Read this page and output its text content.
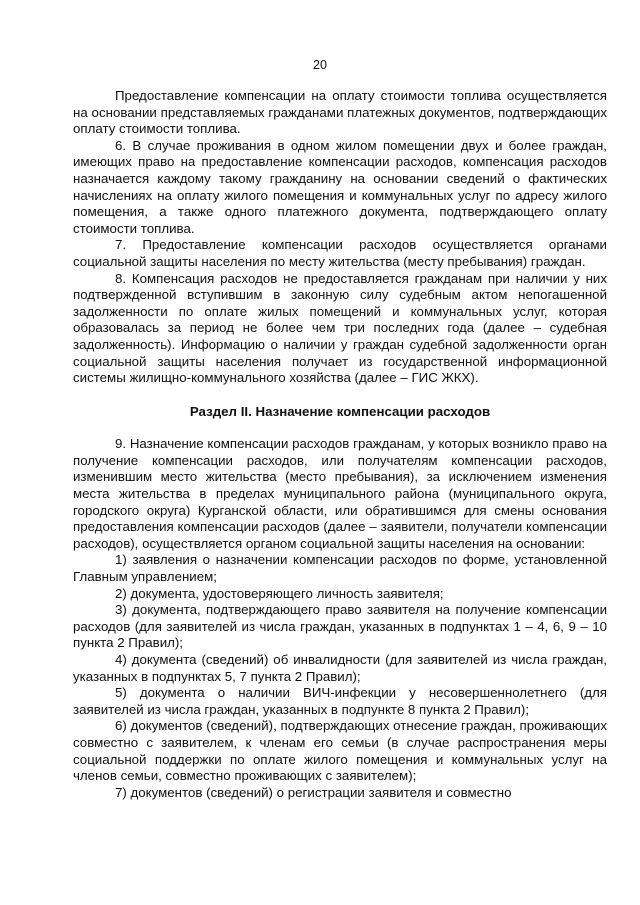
20

Предоставление компенсации на оплату стоимости топлива осуществляется на основании представляемых гражданами платежных документов, подтверждающих оплату стоимости топлива.

6. В случае проживания в одном жилом помещении двух и более граждан, имеющих право на предоставление компенсации расходов, компенсация расходов назначается каждому такому гражданину на основании сведений о фактических начислениях на оплату жилого помещения и коммунальных услуг по адресу жилого помещения, а также одного платежного документа, подтверждающего оплату стоимости топлива.

7. Предоставление компенсации расходов осуществляется органами социальной защиты населения по месту жительства (месту пребывания) граждан.

8. Компенсация расходов не предоставляется гражданам при наличии у них подтвержденной вступившим в законную силу судебным актом непогашенной задолженности по оплате жилых помещений и коммунальных услуг, которая образовалась за период не более чем три последних года (далее – судебная задолженность). Информацию о наличии у граждан судебной задолженности орган социальной защиты населения получает из государственной информационной системы жилищно-коммунального хозяйства (далее – ГИС ЖКХ).

Раздел II. Назначение компенсации расходов

9. Назначение компенсации расходов гражданам, у которых возникло право на получение компенсации расходов, или получателям компенсации расходов, изменившим место жительства (место пребывания), за исключением изменения места жительства в пределах муниципального района (муниципального округа, городского округа) Курганской области, или обратившимся для смены основания предоставления компенсации расходов (далее – заявители, получатели компенсации расходов), осуществляется органом социальной защиты населения на основании:

1) заявления о назначении компенсации расходов по форме, установленной Главным управлением;

2) документа, удостоверяющего личность заявителя;

3) документа, подтверждающего право заявителя на получение компенсации расходов (для заявителей из числа граждан, указанных в подпунктах 1 – 4, 6, 9 – 10 пункта 2 Правил);

4) документа (сведений) об инвалидности (для заявителей из числа граждан, указанных в подпунктах 5, 7 пункта 2 Правил);

5) документа о наличии ВИЧ-инфекции у несовершеннолетнего (для заявителей из числа граждан, указанных в подпункте 8 пункта 2 Правил);

6) документов (сведений), подтверждающих отнесение граждан, проживающих совместно с заявителем, к членам его семьи (в случае распространения меры социальной поддержки по оплате жилого помещения и коммунальных услуг на членов семьи, совместно проживающих с заявителем);

7) документов (сведений) о регистрации заявителя и совместно
